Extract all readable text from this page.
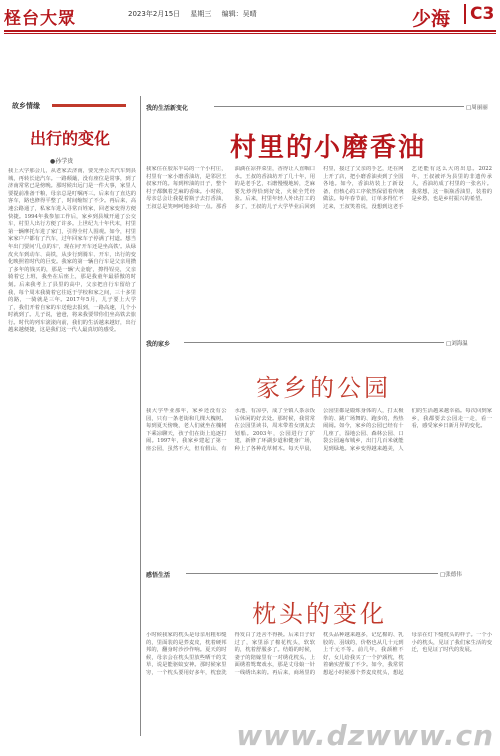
柽台大眾	2023年2月15日 星期三 编辑：吴晴	少海	C3
故乡情缘
出行的变化
●孙学贵
我上大学那会儿，从老家去济南，要先坐公共汽车到县城，再转长途汽车。一路颠簸，没有座位是常事，到了济南常常已是傍晚。那时候出远门是一件大事，家里人要提前准备干粮，母亲总是叮嘱再三。后来有了直达的客车，路也修得平整了，时间缩短了不少。再后来，高速公路通了，私家车进入寻常百姓家，回老家变得方便快捷。1994年我参加工作后，家乡到县城开通了公交车，村里人出行方便了许多。上世纪九十年代末，村里第一辆摩托车进了家门，引得全村人围观。如今，村里家家户户都有了汽车，过年回家车子停满了村道。想当年出门要问'几点的车'，现在问'开车还是坐高铁'。从绿皮火车到动车、高铁，从步行到骑车、开车，出行的变化映照着时代的巨变。我家的第一辆自行车是父亲用攒了多年的钱买的，那是一辆'大金鹿'，擦得锃亮，父亲骑着它上班，我坐在后座上，那是我童年最骄傲的时刻。后来我考上了县里的高中，父亲把自行车留给了我，每个周末我骑着它往返于学校和家之间，三十多里的路，一骑就是三年。2017年5月，儿子要上大学了，我们开着自家的车送他去报到，一路高速，几个小时就到了。儿子说，爸爸，将来我要带你们坐高铁去旅行。时代的列车滚滚向前，我们的生活越来越好，出行越来越便捷，这是我们这一代人最真切的感受。
我的生活新变化	□周丽丽
村里的小磨香油
我家住在胶东半岛的一个小村庄，村里有一家小磨香油坊，是邻居王叔家开的。每到榨油的日子，整个村子都飘着芝麻的香味。小时候，母亲总会让我提着瓶子去打香油，王叔总是笑呵呵地多给一点。那香油滴在凉拌菜里，香得让人直咽口水。王叔的香油坊开了几十年，用的是老手艺，石磨慢慢地转，芝麻要先炒得恰到好处，火候全凭经验。后来，村里年轻人外出打工的多了，王叔的儿子大学毕业后回到村里，接过了父亲的手艺，还在网上开了店，把小磨香油卖到了全国各地。如今，香油坊装上了新设备，但核心的工序依然保留着传统做法。每年春节前，订单多得忙不过来，王叔笑着说，没想到这老手艺还能有这么大的出息。2022年，王叔被评为县里的非遗传承人，香油坊成了村里的一张名片。我常想，这一瓶瓶香油里，装着的是乡愁，也是乡村振兴的希望。
我的家乡	□刘海温
家乡的公园
我大学毕业那年，家乡还没有公园，只有一条老街和几棵大槐树。每到夏天傍晚，老人们就坐在槐树下乘凉聊天，孩子们在街上追逐打闹。1997年，我家乡建起了第一座公园，虽然不大，但有假山、有水池、有凉亭，成了全镇人茶余饭后休闲的好去处。那时候，我常常在公园里读书，周末带着女朋友去划船。2003年，公园进行了扩建，新修了环湖步道和健身广场，种上了各种花草树木。每天早晨，公园里都是锻炼身体的人，打太极拳的、跳广场舞的、跑步的，热热闹闹。如今，家乡的公园已经有十几座了，湿地公园、森林公园、口袋公园遍布城乡，出门几百米就能见到绿地。家乡变得越来越美，人们的生活越来越幸福。每次回到家乡，我都要去公园走一走，看一看，感受家乡日新月异的变化。
感悟生活	□张德伟
枕头的变化
小时候我家的枕头是母亲用粗布缝的，里面装的是荞麦皮，枕着硬邦邦的，翻身时沙沙作响。夏天的时候，母亲会在枕头里放些晒干的艾草，说是能驱蚊安神。那时候家里穷，一个枕头要用好多年，枕套洗得发白了还舍不得换。后来日子好过了，家里添了棉花枕头，软软的，枕着舒服多了。结婚的时候，妻子的陪嫁里有一对绣花枕头，上面绣着鸳鸯戏水，那是丈母娘一针一线绣出来的。再后来，商场里的枕头品种越来越多，记忆棉的、乳胶的、羽绒的，价格也从几十元到上千元不等。前几年，我颈椎不好，女儿给我买了一个护颈枕，枕着确实舒服了不少。如今，我常常想起小时候那个荞麦皮枕头，想起母亲在灯下缝枕头的样子。一个小小的枕头，见证了我们家生活的变迁，也见证了时代的发展。
www.dzwww.cn
